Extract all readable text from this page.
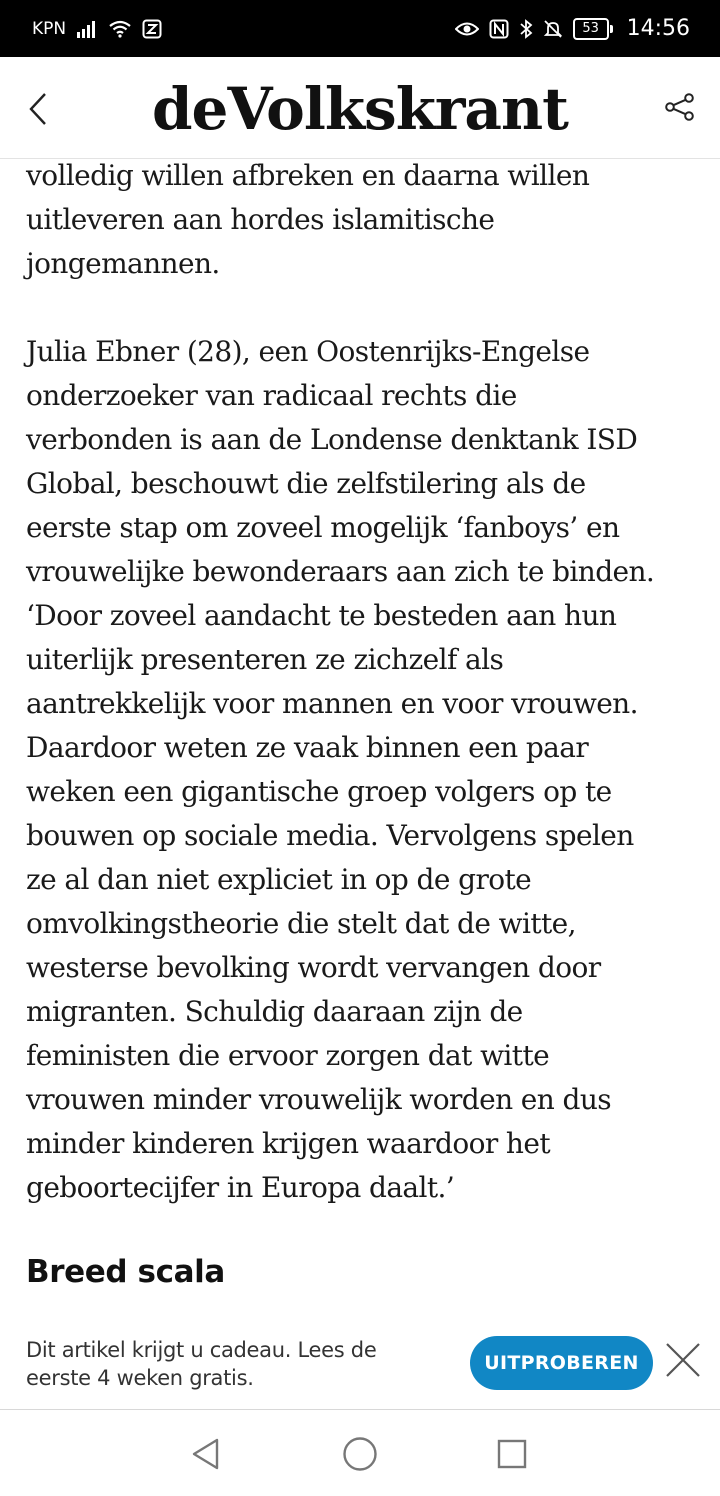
KPN	53	14:56
deVolkskrant

volledig willen afbreken en daarna willen
uitleveren aan hordes islamitische
jongemannen.

Julia Ebner (28), een Oostenrijks-Engelse
onderzoeker van radicaal rechts die
verbonden is aan de Londense denktank ISD
Global, beschouwt die zelfstilering als de
eerste stap om zoveel mogelijk ‘fanboys’ en
vrouwelijke bewonderaars aan zich te binden.
‘Door zoveel aandacht te besteden aan hun
uiterlijk presenteren ze zichzelf als
aantrekkelijk voor mannen en voor vrouwen.
Daardoor weten ze vaak binnen een paar
weken een gigantische groep volgers op te
bouwen op sociale media. Vervolgens spelen
ze al dan niet expliciet in op de grote
omvolkingstheorie die stelt dat de witte,
westerse bevolking wordt vervangen door
migranten. Schuldig daaraan zijn de
feministen die ervoor zorgen dat witte
vrouwen minder vrouwelijk worden en dus
minder kinderen krijgen waardoor het
geboortecijfer in Europa daalt.’

Breed scala
Dit artikel krijgt u cadeau. Lees de
eerste 4 weken gratis.
UITPROBEREN
